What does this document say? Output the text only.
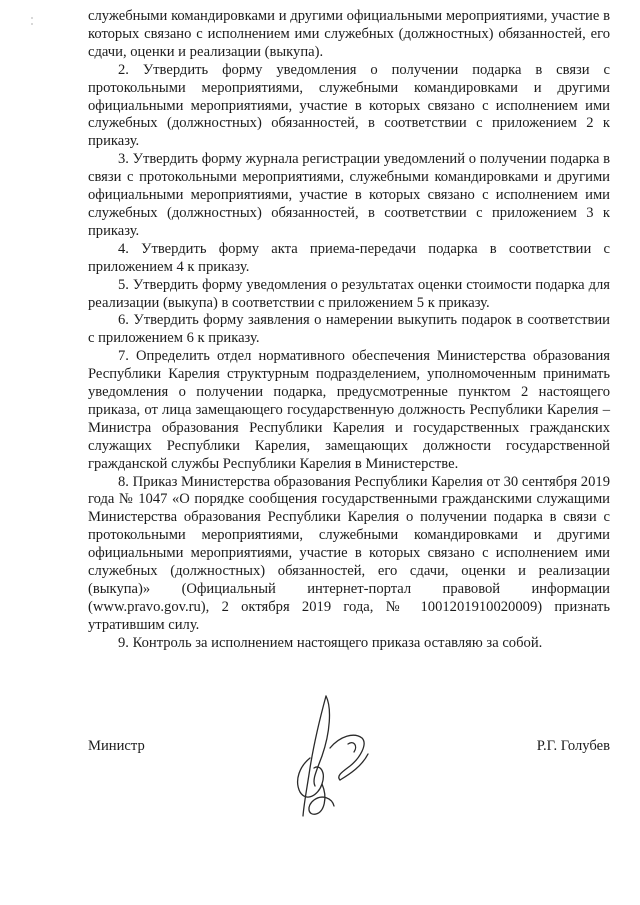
служебными командировками и другими официальными мероприятиями, участие в которых связано с исполнением ими служебных (должностных) обязанностей, его сдачи, оценки и реализации (выкупа).

2. Утвердить форму уведомления о получении подарка в связи с протокольными мероприятиями, служебными командировками и другими официальными мероприятиями, участие в которых связано с исполнением ими служебных (должностных) обязанностей, в соответствии с приложением 2 к приказу.

3. Утвердить форму журнала регистрации уведомлений о получении подарка в связи с протокольными мероприятиями, служебными командировками и другими официальными мероприятиями, участие в которых связано с исполнением ими служебных (должностных) обязанностей, в соответствии с приложением 3 к приказу.

4. Утвердить форму акта приема-передачи подарка в соответствии с приложением 4 к приказу.

5. Утвердить форму уведомления о результатах оценки стоимости подарка для реализации (выкупа) в соответствии с приложением 5 к приказу.

6. Утвердить форму заявления о намерении выкупить подарок в соответствии с приложением 6 к приказу.

7. Определить отдел нормативного обеспечения Министерства образования Республики Карелия структурным подразделением, уполномоченным принимать уведомления о получении подарка, предусмотренные пунктом 2 настоящего приказа, от лица замещающего государственную должность Республики Карелия – Министра образования Республики Карелия и государственных гражданских служащих Республики Карелия, замещающих должности государственной гражданской службы Республики Карелия в Министерстве.

8. Приказ Министерства образования Республики Карелия от 30 сентября 2019 года № 1047 «О порядке сообщения государственными гражданскими служащими Министерства образования Республики Карелия о получении подарка в связи с протокольными мероприятиями, служебными командировками и другими официальными мероприятиями, участие в которых связано с исполнением ими служебных (должностных) обязанностей, его сдачи, оценки и реализации (выкупа)» (Официальный интернет-портал правовой информации (www.pravo.gov.ru), 2 октября 2019 года, № 1001201910020009) признать утратившим силу.

9. Контроль за исполнением настоящего приказа оставляю за собой.

Министр	Р.Г. Голубев
